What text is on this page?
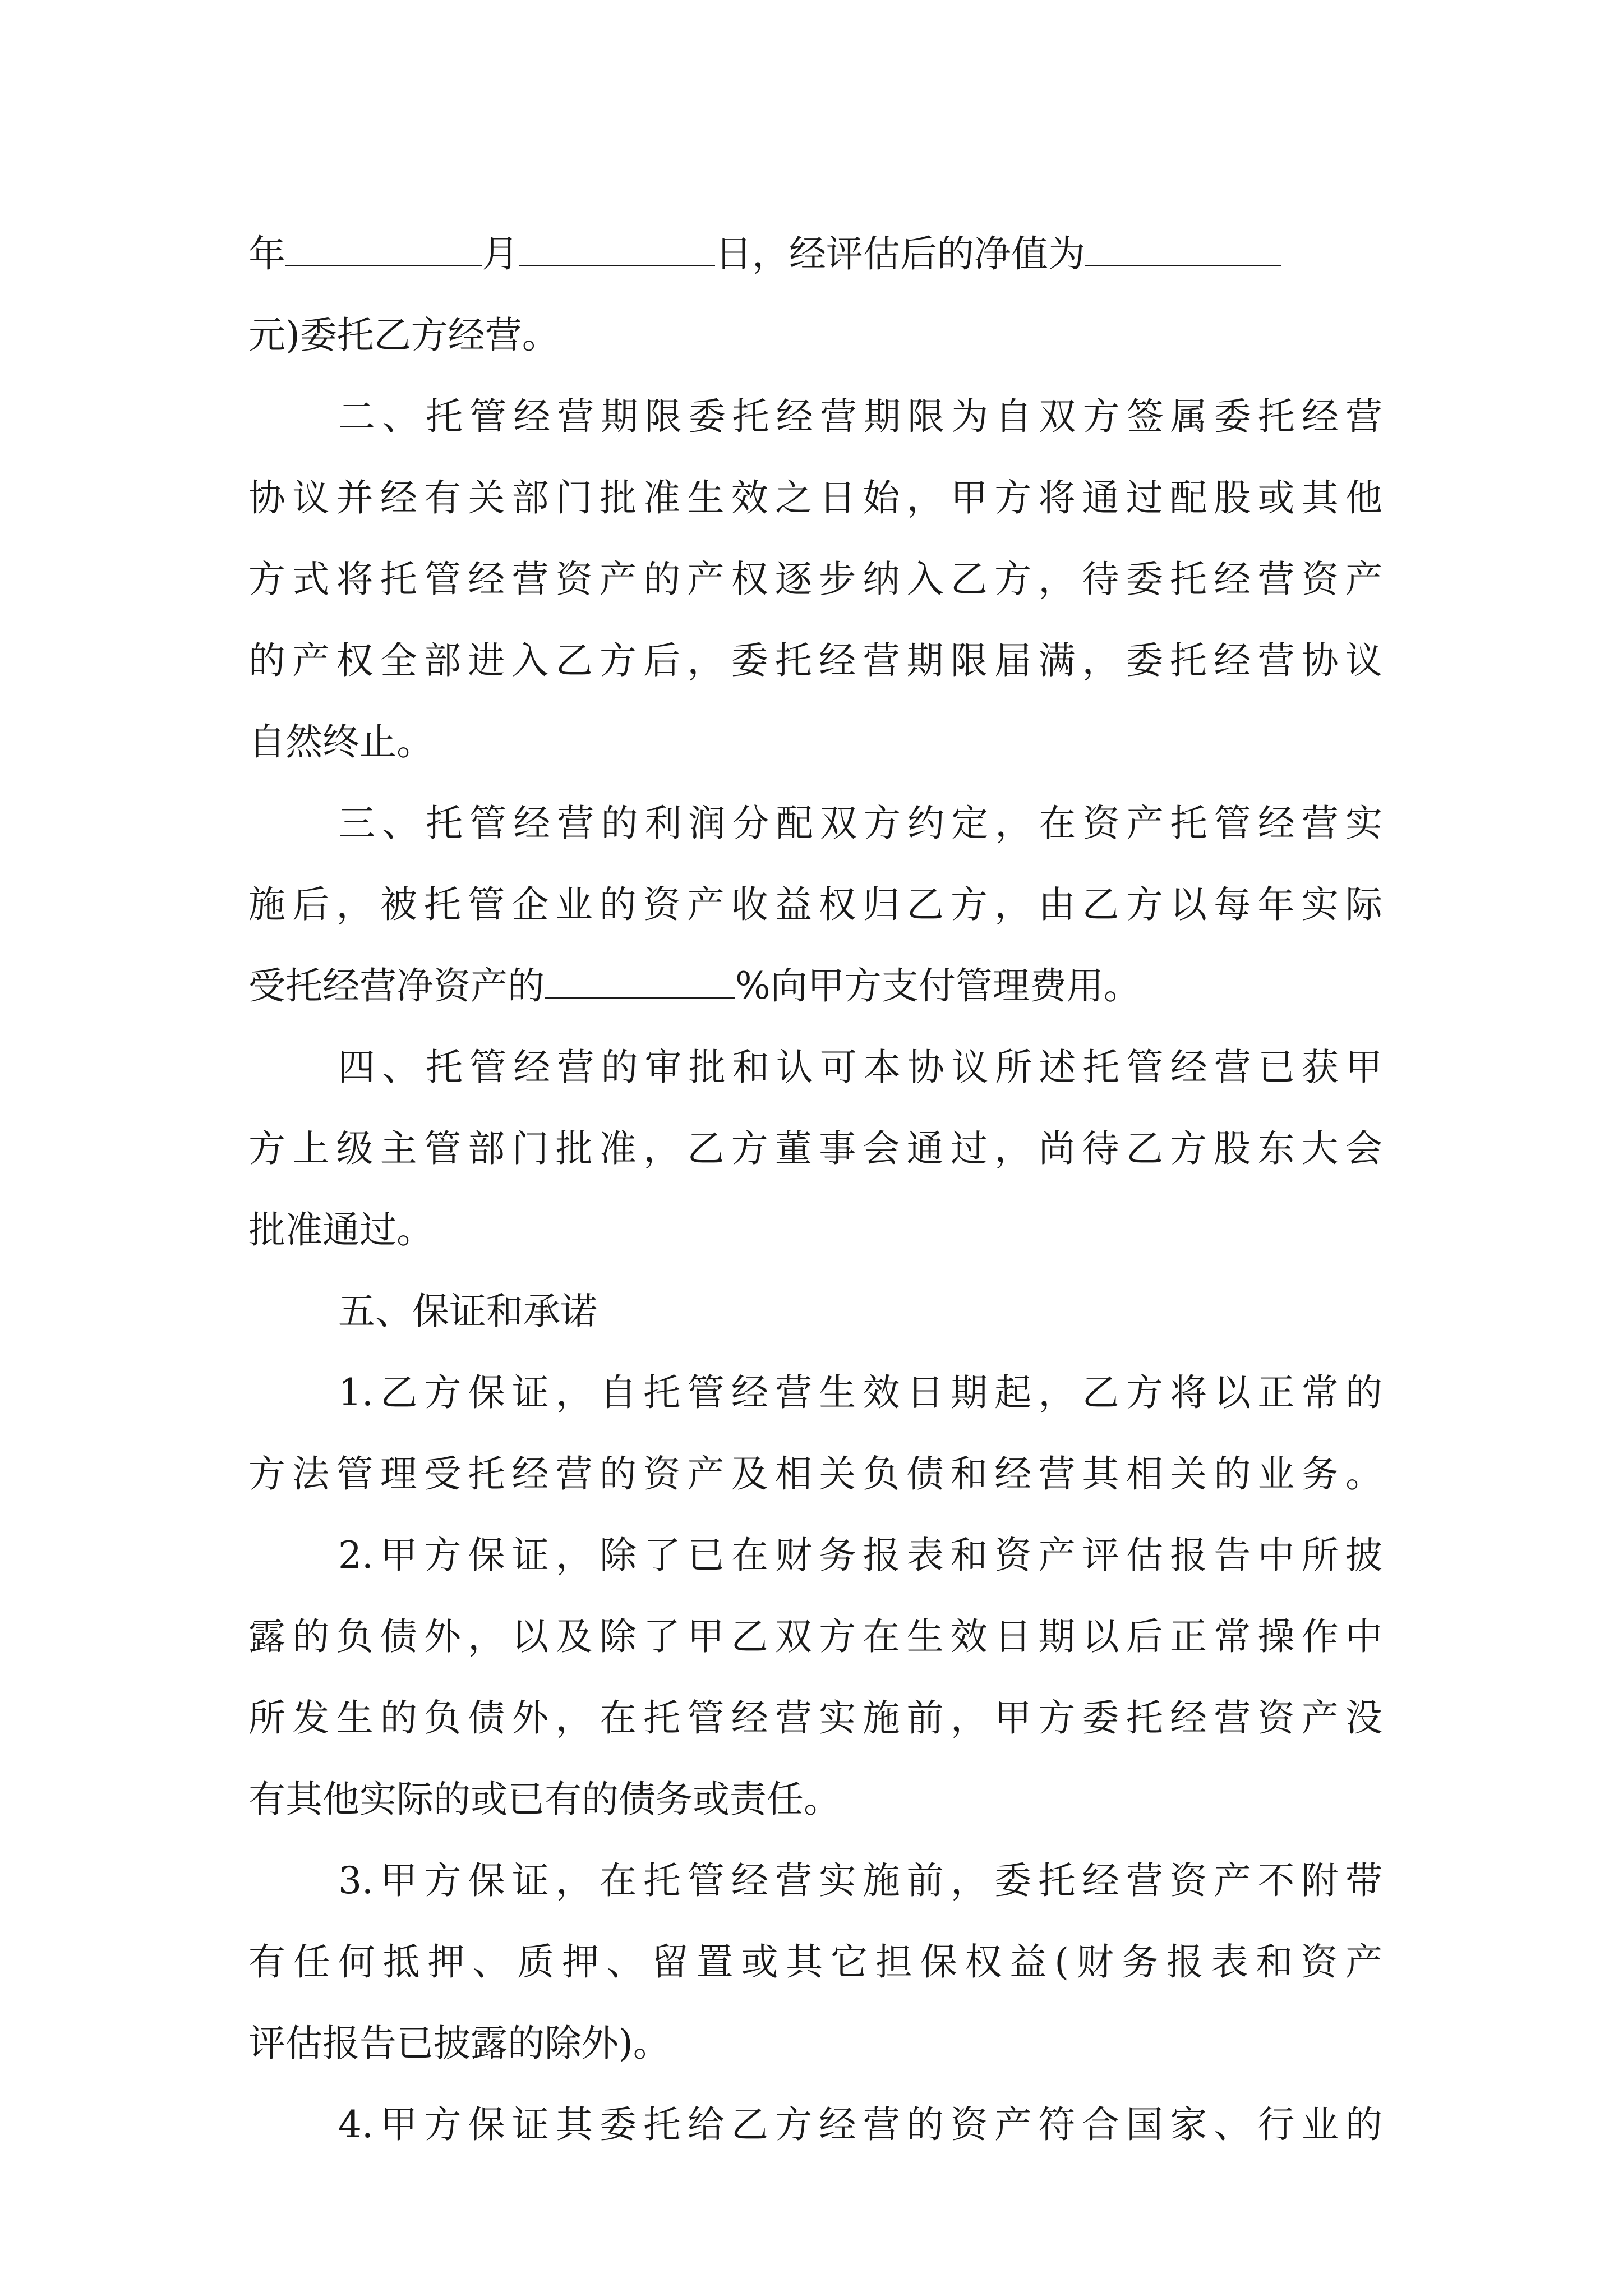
年	月	日，经评估后的净值为
元)委托乙方经营。
二、托管经营期限委托经营期限为自双方签属委托经营
协议并经有关部门批准生效之日始，甲方将通过配股或其他
方式将托管经营资产的产权逐步纳入乙方，待委托经营资产
的产权全部进入乙方后，委托经营期限届满，委托经营协议
自然终止。
三、托管经营的利润分配双方约定，在资产托管经营实
施后，被托管企业的资产收益权归乙方，由乙方以每年实际
受托经营净资产的	%向甲方支付管理费用。
四、托管经营的审批和认可本协议所述托管经营已获甲
方上级主管部门批准，乙方董事会通过，尚待乙方股东大会
批准通过。
五、保证和承诺
1.乙方保证，自托管经营生效日期起，乙方将以正常的
方法管理受托经营的资产及相关负债和经营其相关的业务。
2.甲方保证，除了已在财务报表和资产评估报告中所披
露的负债外，以及除了甲乙双方在生效日期以后正常操作中
所发生的负债外，在托管经营实施前，甲方委托经营资产没
有其他实际的或已有的债务或责任。
3.甲方保证，在托管经营实施前，委托经营资产不附带
有任何抵押、质押、留置或其它担保权益(财务报表和资产
评估报告已披露的除外)。
4.甲方保证其委托给乙方经营的资产符合国家、行业的
